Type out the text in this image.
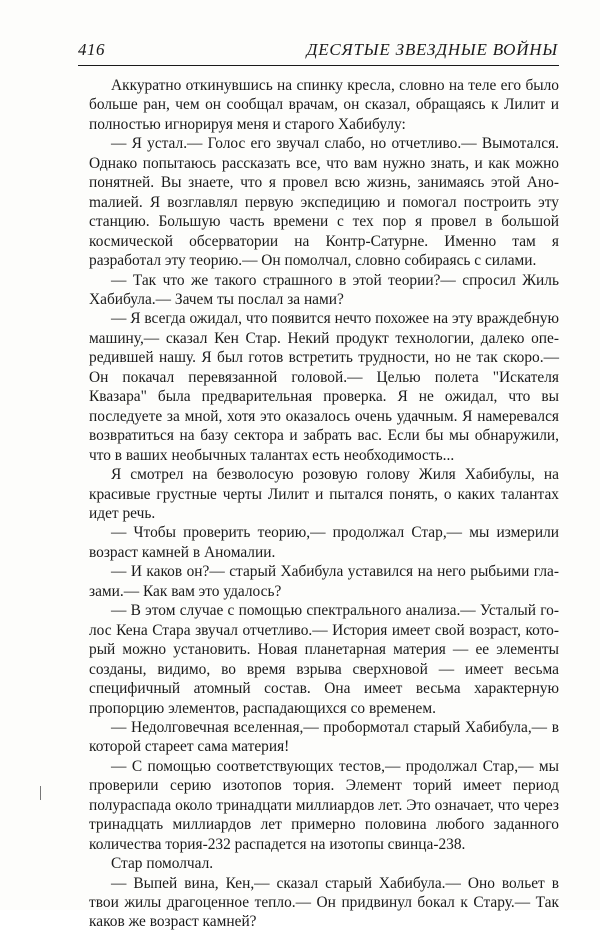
416	ДЕСЯТЫЕ ЗВЕЗДНЫЕ ВОЙНЫ

Аккуратно откинувшись на спинку кресла, словно на теле его было больше ран, чем он сообщал врачам, он сказал, обращаясь к Лилит и полностью игнорируя меня и старого Хабибулу:

— Я устал.— Голос его звучал слабо, но отчетливо.— Вымотался. Однако попытаюсь рассказать все, что вам нужно знать, и как можно понятней. Вы знаете, что я провел всю жизнь, занимаясь этой Аноmалией. Я возглавлял первую экспедицию и помогал построить эту станцию. Большую часть времени с тех пор я провел в большой космической обсерватории на Контр-Сатурне. Именно там я разработал эту теорию.— Он помолчал, словно собираясь с силами.

— Так что же такого страшного в этой теории?— спросил Жиль Хабибула.— Зачем ты послал за нами?

— Я всегда ожидал, что появится нечто похожее на эту враждебную машину,— сказал Кен Стар. Некий продукт технологии, далеко опередившей нашу. Я был готов встретить трудности, но не так скоро.— Он покачал перевязанной головой.— Целью полета "Искателя Квазара" была предварительная проверка. Я не ожидал, что вы последуете за мной, хотя это оказалось очень удачным. Я намеревался возвратиться на базу сектора и забрать вас. Если бы мы обнаружили, что в ваших необычных талантах есть необходимость...

Я смотрел на безволосую розовую голову Жиля Хабибулы, на красивые грустные черты Лилит и пытался понять, о каких талантах идет речь.

— Чтобы проверить теорию,— продолжал Стар,— мы измерили возраст камней в Аномалии.

— И каков он?— старый Хабибула уставился на него рыбьими глазами.— Как вам это удалось?

— В этом случае с помощью спектрального анализа.— Усталый голос Кена Стара звучал отчетливо.— История имеет свой возраст, который можно установить. Новая планетарная материя — ее элементы созданы, видимо, во время взрыва сверхновой — имеет весьма специфичный атомный состав. Она имеет весьма характерную пропорцию элементов, распадающихся со временем.

— Недолговечная вселенная,— пробормотал старый Хабибула,— в которой стареет сама материя!

— С помощью соответствующих тестов,— продолжал Стар,— мы проверили серию изотопов тория. Элемент торий имеет период полураспада около тринадцати миллиардов лет. Это означает, что через тринадцать миллиардов лет примерно половина любого заданного количества тория-232 распадется на изотопы свинца-238.

Стар помолчал.

— Выпей вина, Кен,— сказал старый Хабибула.— Оно вольет в твои жилы драгоценное тепло.— Он придвинул бокал к Стару.— Так каков же возраст камней?
